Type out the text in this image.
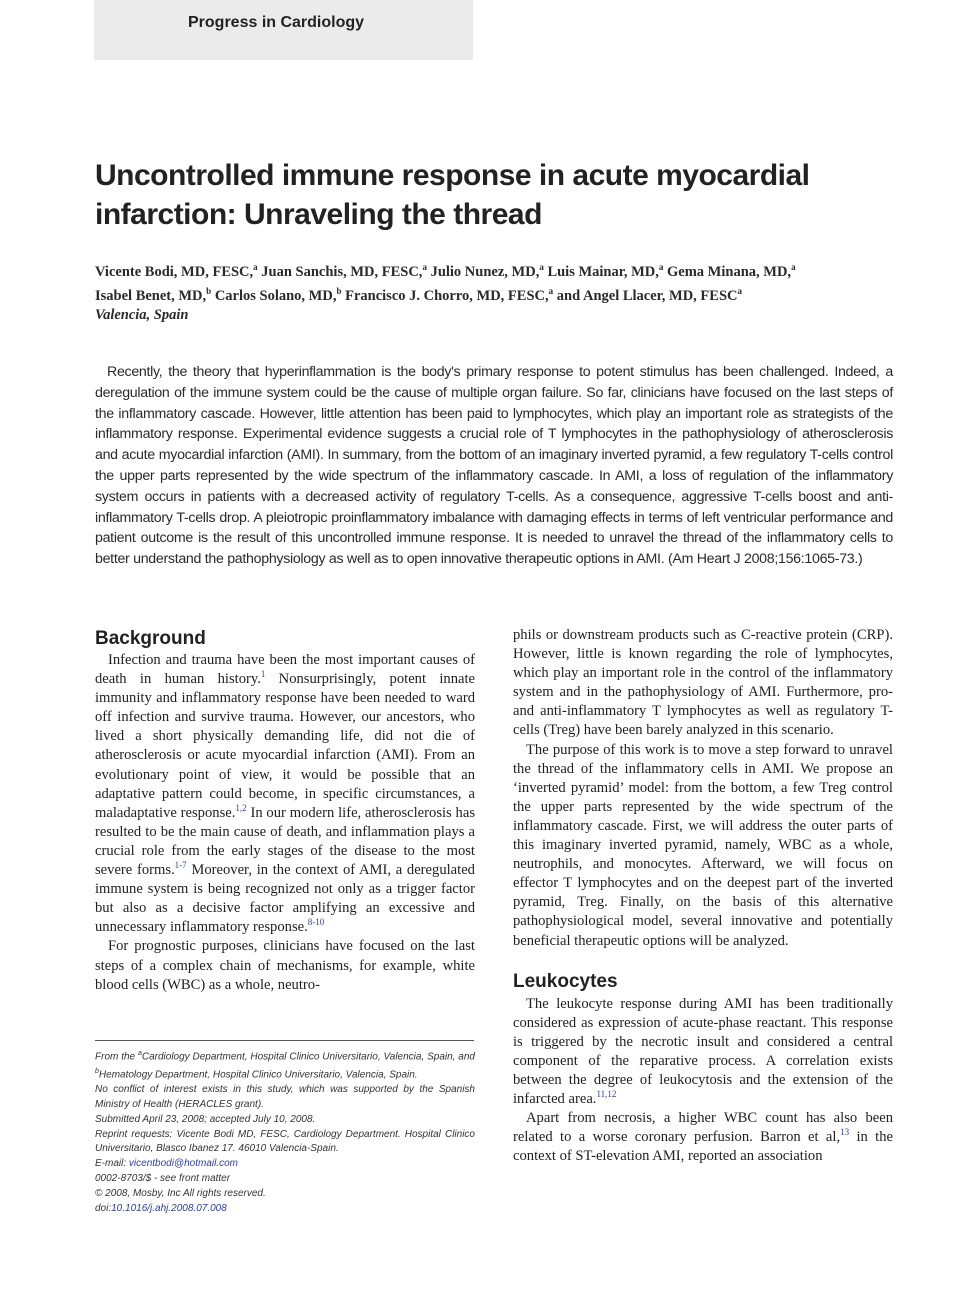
Progress in Cardiology
Uncontrolled immune response in acute myocardial infarction: Unraveling the thread
Vicente Bodi, MD, FESC,$^a$ Juan Sanchis, MD, FESC,$^a$ Julio Nunez, MD,$^a$ Luis Mainar, MD,$^a$ Gema Minana, MD,$^a$
Isabel Benet, MD,$^b$ Carlos Solano, MD,$^b$ Francisco J. Chorro, MD, FESC,$^a$ and Angel Llacer, MD, FESC$^a$
Valencia, Spain

Recently, the theory that hyperinflammation is the body's primary response to potent stimulus has been challenged. Indeed, a deregulation of the immune system could be the cause of multiple organ failure. So far, clinicians have focused on the last steps of the inflammatory cascade. However, little attention has been paid to lymphocytes, which play an important role as strategists of the inflammatory response. Experimental evidence suggests a crucial role of T lymphocytes in the pathophysiology of atherosclerosis and acute myocardial infarction (AMI). In summary, from the bottom of an imaginary inverted pyramid, a few regulatory T-cells control the upper parts represented by the wide spectrum of the inflammatory cascade. In AMI, a loss of regulation of the inflammatory system occurs in patients with a decreased activity of regulatory T-cells. As a consequence, aggressive T-cells boost and anti-inflammatory T-cells drop. A pleiotropic proinflammatory imbalance with damaging effects in terms of left ventricular performance and patient outcome is the result of this uncontrolled immune response. It is needed to unravel the thread of the inflammatory cells to better understand the pathophysiology as well as to open innovative therapeutic options in AMI. (Am Heart J 2008;156:1065-73.)

Background

Infection and trauma have been the most important causes of death in human history.$^1$ Nonsurprisingly, potent innate immunity and inflammatory response have been needed to ward off infection and survive trauma. However, our ancestors, who lived a short physically demanding life, did not die of atherosclerosis or acute myocardial infarction (AMI). From an evolutionary point of view, it would be possible that an adaptative pattern could become, in specific circumstances, a maladaptative response.$^{1,2}$ In our modern life, atherosclerosis has resulted to be the main cause of death, and inflammation plays a crucial role from the early stages of the disease to the most severe forms.$^{1-7}$ Moreover, in the context of AMI, a deregulated immune system is being recognized not only as a trigger factor but also as a decisive factor amplifying an excessive and unnecessary inflammatory response.$^{8-10}$

For prognostic purposes, clinicians have focused on the last steps of a complex chain of mechanisms, for example, white blood cells (WBC) as a whole, neutro-

phils or downstream products such as C-reactive protein (CRP). However, little is known regarding the role of lymphocytes, which play an important role in the control of the inflammatory system and in the pathophysiology of AMI. Furthermore, pro- and anti-inflammatory T lymphocytes as well as regulatory T-cells (Treg) have been barely analyzed in this scenario.

The purpose of this work is to move a step forward to unravel the thread of the inflammatory cells in AMI. We propose an ‘inverted pyramid’ model: from the bottom, a few Treg control the upper parts represented by the wide spectrum of the inflammatory cascade. First, we will address the outer parts of this imaginary inverted pyramid, namely, WBC as a whole, neutrophils, and monocytes. Afterward, we will focus on effector T lymphocytes and on the deepest part of the inverted pyramid, Treg. Finally, on the basis of this alternative pathophysiological model, several innovative and potentially beneficial therapeutic options will be analyzed.

Leukocytes

The leukocyte response during AMI has been traditionally considered as expression of acute-phase reactant. This response is triggered by the necrotic insult and considered a central component of the reparative process. A correlation exists between the degree of leukocytosis and the extension of the infarcted area.$^{11,12}$

Apart from necrosis, a higher WBC count has also been related to a worse coronary perfusion. Barron et al,$^{13}$ in the context of ST-elevation AMI, reported an association

From the $^a$Cardiology Department, Hospital Clinico Universitario, Valencia, Spain, and $^b$Hematology Department, Hospital Clinico Universitario, Valencia, Spain.

No conflict of interest exists in this study, which was supported by the Spanish Ministry of Health (HERACLES grant).

Submitted April 23, 2008; accepted July 10, 2008.

Reprint requests: Vicente Bodi MD, FESC, Cardiology Department. Hospital Clinico Universitario, Blasco Ibanez 17. 46010 Valencia-Spain.

E-mail: vicentbodi@hotmail.com

0002-8703/$ - see front matter

© 2008, Mosby, Inc All rights reserved.

doi:10.1016/j.ahj.2008.07.008
